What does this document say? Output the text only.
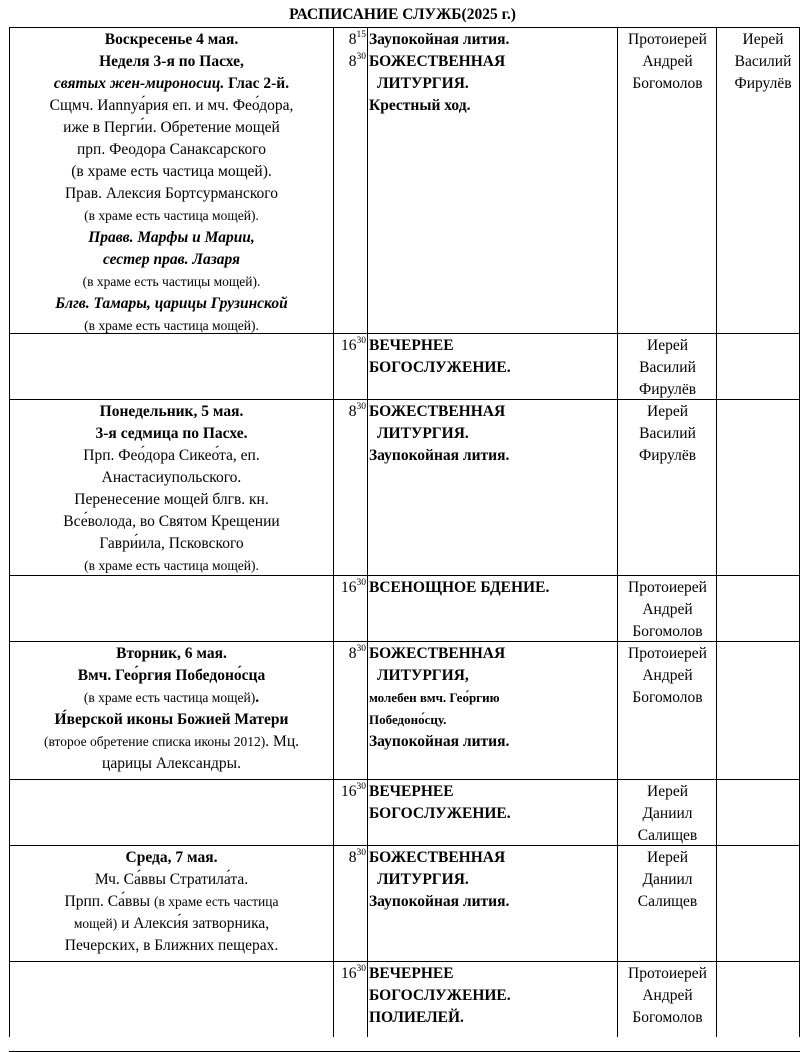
РАСПИСАНИЕ СЛУЖБ(2025 г.)
Воскресенье 4 мая.
Неделя 3-я по Пасхе,
святых жен-мироносиц. Глас 2-й.
Сщмч. Иannуа́рия еп. и мч. Фео́дора,
иже в Перги́и. Обретение мощей
прп. Феодора Санаксарского
(в храме есть частица мощей).
Прав. Алексия Бортсурманского
(в храме есть частица мощей).
Правв. Марфы и Марии,
сестер прав. Лазаря
(в храме есть частицы мощей).
Блгв. Тамары, царицы Грузинской
(в храме есть частица мощей).
$8^{15}$
$8^{30}$
Заупокойная лития.
БОЖЕСТВЕННАЯ
ЛИТУРГИЯ.
Крестный ход.
Протоиерей
Андрей
Богомолов
Иерей
Василий
Фирулёв
$16^{30}$ ВЕЧЕРНЕЕ
БОГОСЛУЖЕНИЕ.
Иерей
Василий
Фирулёв
Понедельник, 5 мая.
3-я седмица по Пасхе.
Прп. Фео́дора Сикео́та, еп.
Анастасиупольского.
Перенесение мощей блгв. кн.
Все́волода, во Святом Крещении
Гаври́ила, Псковского
(в храме есть частица мощей).
$8^{30}$ БОЖЕСТВЕННАЯ
ЛИТУРГИЯ.
Заупокойная лития.
Иерей
Василий
Фирулёв
$16^{30}$ ВСЕНОЩНОЕ БДЕНИЕ.	Протоиерей
Андрей
Богомолов
Вторник, 6 мая.
Вмч. Гео́ргия Победоно́сца
(в храме есть частица мощей).
И́верской иконы Божией Матери
(второе обретение списка иконы 2012). Мц.
царицы Александры.
$8^{30}$ БОЖЕСТВЕННАЯ
ЛИТУРГИЯ,
молебен вмч. Гео́ргию
Победоно́сцу.
Заупокойная лития.
Протоиерей
Андрей
Богомолов
$16^{30}$ ВЕЧЕРНЕЕ
БОГОСЛУЖЕНИЕ.
Иерей
Даниил
Салищев
Среда, 7 мая.
Мч. Са́ввы Стратила́та.
Прпп. Са́ввы (в храме есть частица
мощей) и Алекси́я затворника,
Печерских, в Ближних пещерах.
$8^{30}$ БОЖЕСТВЕННАЯ
ЛИТУРГИЯ.
Заупокойная лития.
Иерей
Даниил
Салищев
$16^{30}$ ВЕЧЕРНЕЕ
БОГОСЛУЖЕНИЕ.
ПОЛИЕЛЕЙ.
Протоиерей
Андрей
Богомолов
